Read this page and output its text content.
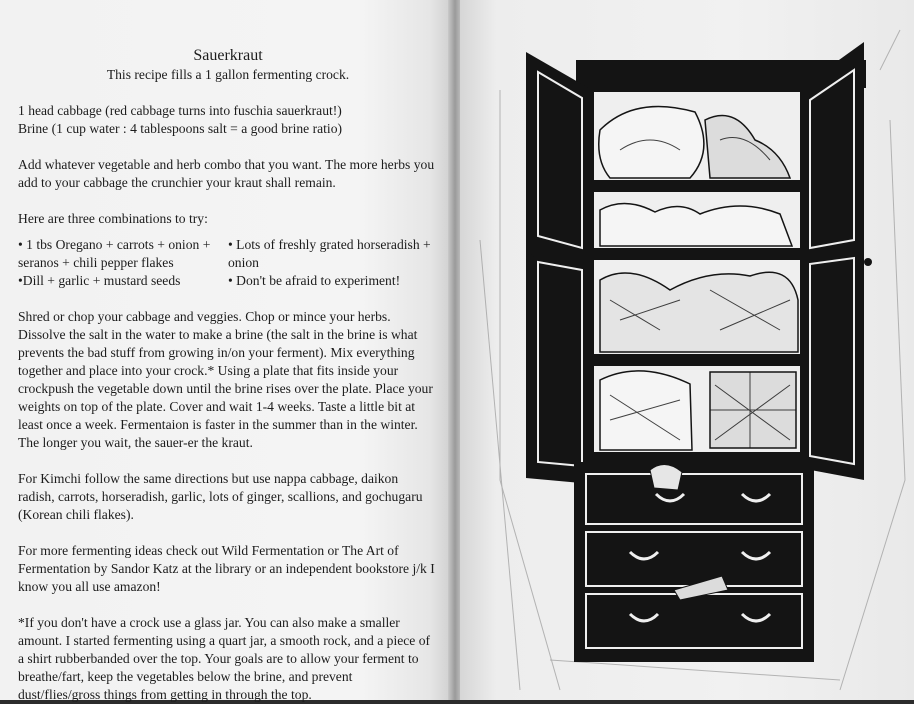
Sauerkraut
This recipe fills a 1 gallon fermenting crock.

1 head cabbage (red cabbage turns into fuschia sauerkraut!)
Brine (1 cup water : 4 tablespoons salt = a good brine ratio)

Add whatever vegetable and herb combo that you want. The more herbs you add to your cabbage the crunchier your kraut shall remain.

Here are three combinations to try:
• 1 tbs Oregano + carrots + onion + seranos + chili pepper flakes
•Dill + garlic + mustard seeds
• Lots of freshly grated horseradish + onion
• Don't be afraid to experiment!

Shred or chop your cabbage and veggies. Chop or mince your herbs. Dissolve the salt in the water to make a brine (the salt in the brine is what prevents the bad stuff from growing in/on your ferment). Mix everything together and place into your crock.* Using a plate that fits inside your crockpush the vegetable down until the brine rises over the plate. Place your weights on top of the plate. Cover and wait 1-4 weeks. Taste a little bit at least once a week. Fermentaion is faster in the summer than in the winter. The longer you wait, the sauer-er the kraut.

For Kimchi follow the same directions but use nappa cabbage, daikon radish, carrots, horseradish, garlic, lots of ginger, scallions, and gochugaru (Korean chili flakes).

For more fermenting ideas check out Wild Fermentation or The Art of Fermentation by Sandor Katz at the library or an independent bookstore j/k I know you all use amazon!

*If you don't have a crock use a glass jar. You can also make a smaller amount. I started fermenting using a quart jar, a smooth rock, and a piece of a shirt rubberbanded over the top. Your goals are to allow your ferment to breathe/fart, keep the vegetables below the brine, and prevent dust/flies/gross things from getting in through the top.
